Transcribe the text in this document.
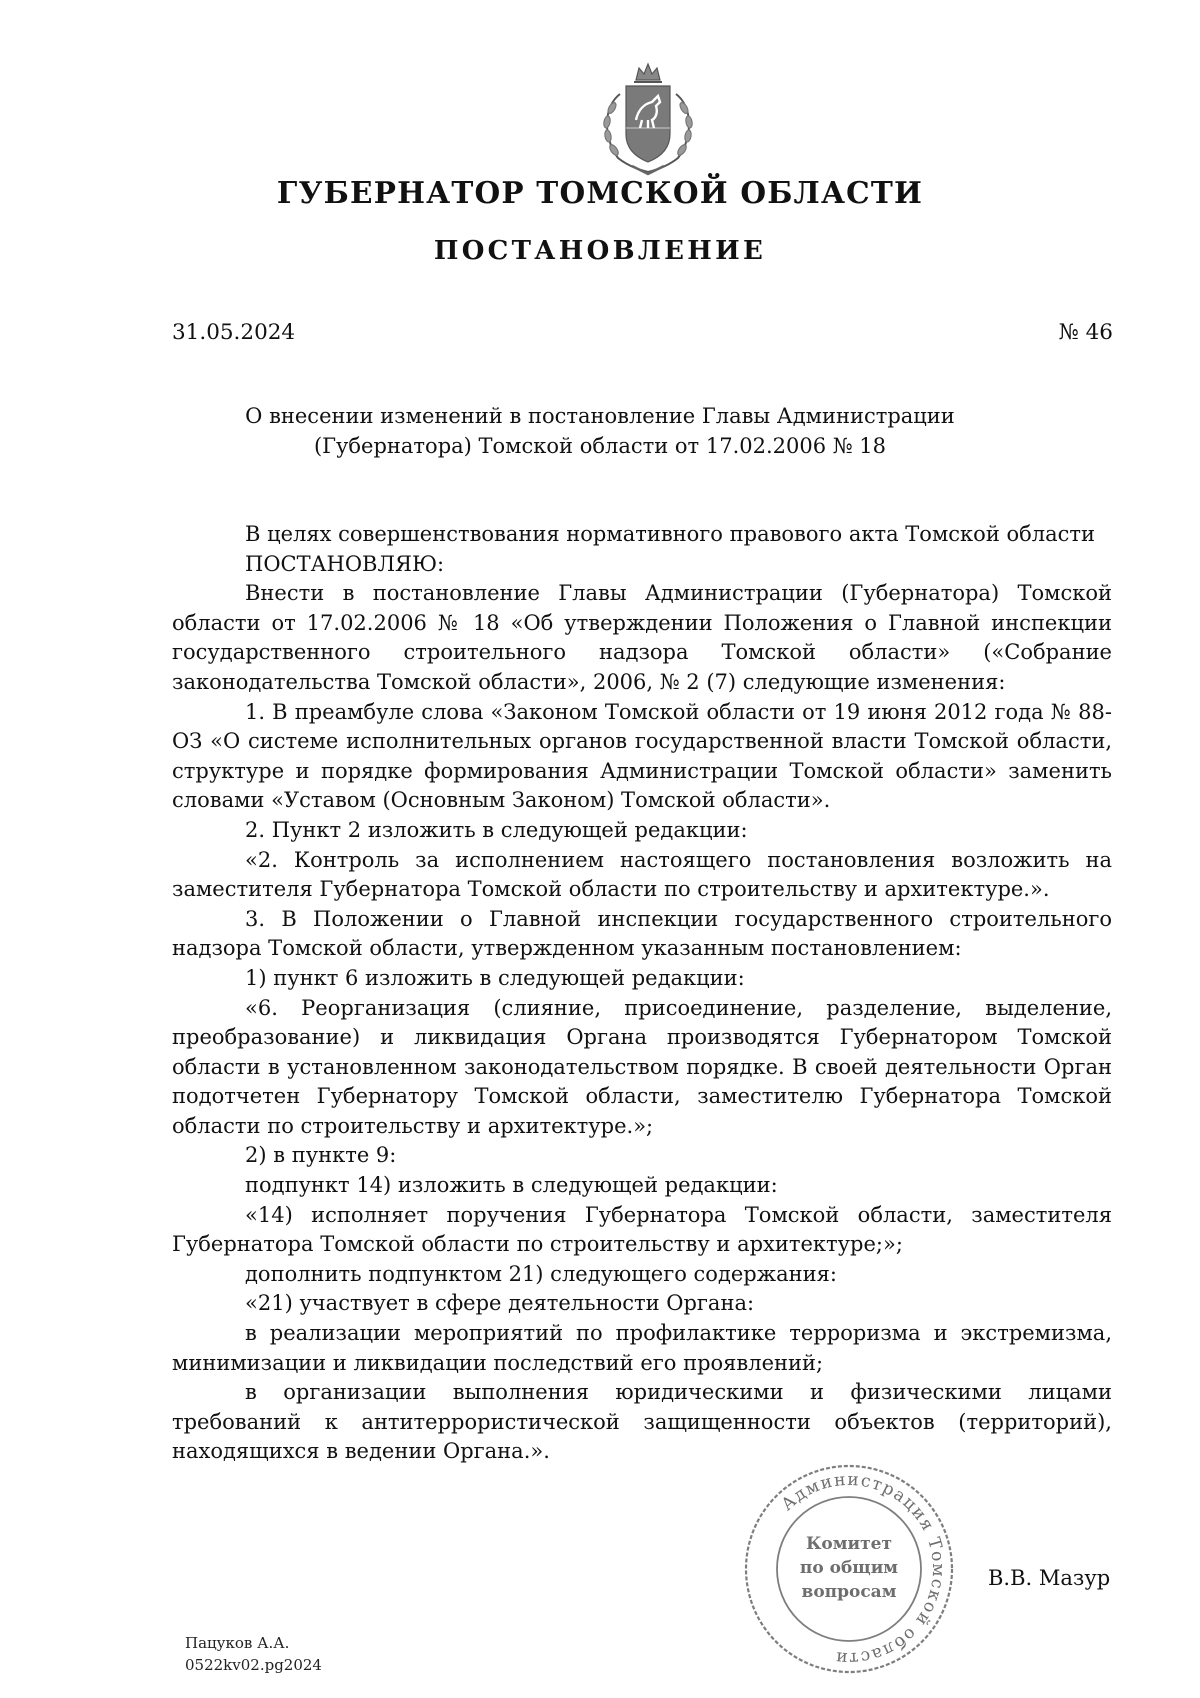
ГУБЕРНАТОР ТОМСКОЙ ОБЛАСТИ
ПОСТАНОВЛЕНИЕ
31.05.2024	№ 46
О внесении изменений в постановление Главы Администрации
(Губернатора) Томской области от 17.02.2006 № 18

В целях совершенствования нормативного правового акта Томской области

ПОСТАНОВЛЯЮ:

Внести в постановление Главы Администрации (Губернатора) Томской области от 17.02.2006 № 18 «Об утверждении Положения о Главной инспекции государственного строительного надзора Томской области» («Собрание законодательства Томской области», 2006, № 2 (7) следующие изменения:

1. В преамбуле слова «Законом Томской области от 19 июня 2012 года № 88-ОЗ «О системе исполнительных органов государственной власти Томской области, структуре и порядке формирования Администрации Томской области» заменить словами «Уставом (Основным Законом) Томской области».

2. Пункт 2 изложить в следующей редакции:

«2. Контроль за исполнением настоящего постановления возложить на заместителя Губернатора Томской области по строительству и архитектуре.».

3. В Положении о Главной инспекции государственного строительного надзора Томской области, утвержденном указанным постановлением:

1) пункт 6 изложить в следующей редакции:

«6. Реорганизация (слияние, присоединение, разделение, выделение, преобразование) и ликвидация Органа производятся Губернатором Томской области в установленном законодательством порядке. В своей деятельности Орган подотчетен Губернатору Томской области, заместителю Губернатора Томской области по строительству и архитектуре.»;

2) в пункте 9:

подпункт 14) изложить в следующей редакции:

«14) исполняет поручения Губернатора Томской области, заместителя Губернатора Томской области по строительству и архитектуре;»;

дополнить подпунктом 21) следующего содержания:

«21) участвует в сфере деятельности Органа:

в реализации мероприятий по профилактике терроризма и экстремизма, минимизации и ликвидации последствий его проявлений;

в организации выполнения юридическими и физическими лицами требований к антитеррористической защищенности объектов (территорий), находящихся в ведении Органа.».

Администрация Томской области
Комитет
по общим
вопросам
В.В. Мазур
Пацуков А.А.
0522kv02.pg2024
